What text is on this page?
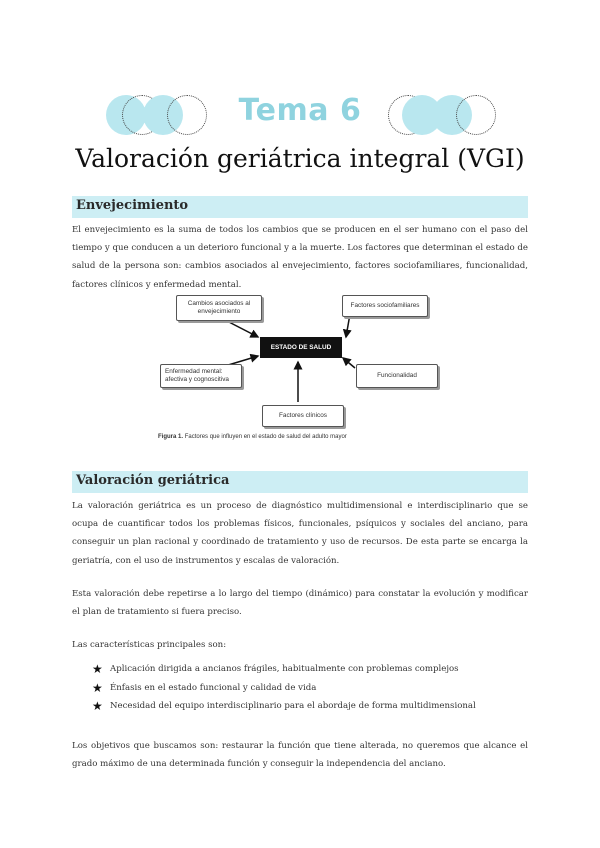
Tema 6
Valoración geriátrica integral (VGI)
Envejecimiento

El envejecimiento es la suma de todos los cambios que se producen en el ser humano con el paso del tiempo y que conducen a un deterioro funcional y a la muerte. Los factores que determinan el estado de salud de la persona son: cambios asociados al envejecimiento, factores sociofamiliares, funcionalidad, factores clínicos y enfermedad mental.

Cambios asociados al envejecimiento
Factores sociofamiliares
ESTADO DE SALUD
Enfermedad mental: afectiva y cognoscitiva
Funcionalidad
Factores clínicos
Figura 1. Factores que influyen en el estado de salud del adulto mayor
Valoración geriátrica

La valoración geriátrica es un proceso de diagnóstico multidimensional e interdisciplinario que se ocupa de cuantificar todos los problemas físicos, funcionales, psíquicos y sociales del anciano, para conseguir un plan racional y coordinado de tratamiento y uso de recursos. De esta parte se encarga la geriatría, con el uso de instrumentos y escalas de valoración.

Esta valoración debe repetirse a lo largo del tiempo (dinámico) para constatar la evolución y modificar el plan de tratamiento si fuera preciso.

Las características principales son:

★ Aplicación dirigida a ancianos frágiles, habitualmente con problemas complejos
★ Énfasis en el estado funcional y calidad de vida
★ Necesidad del equipo interdisciplinario para el abordaje de forma multidimensional

Los objetivos que buscamos son: restaurar la función que tiene alterada, no queremos que alcance el grado máximo de una determinada función y conseguir la independencia del anciano.
